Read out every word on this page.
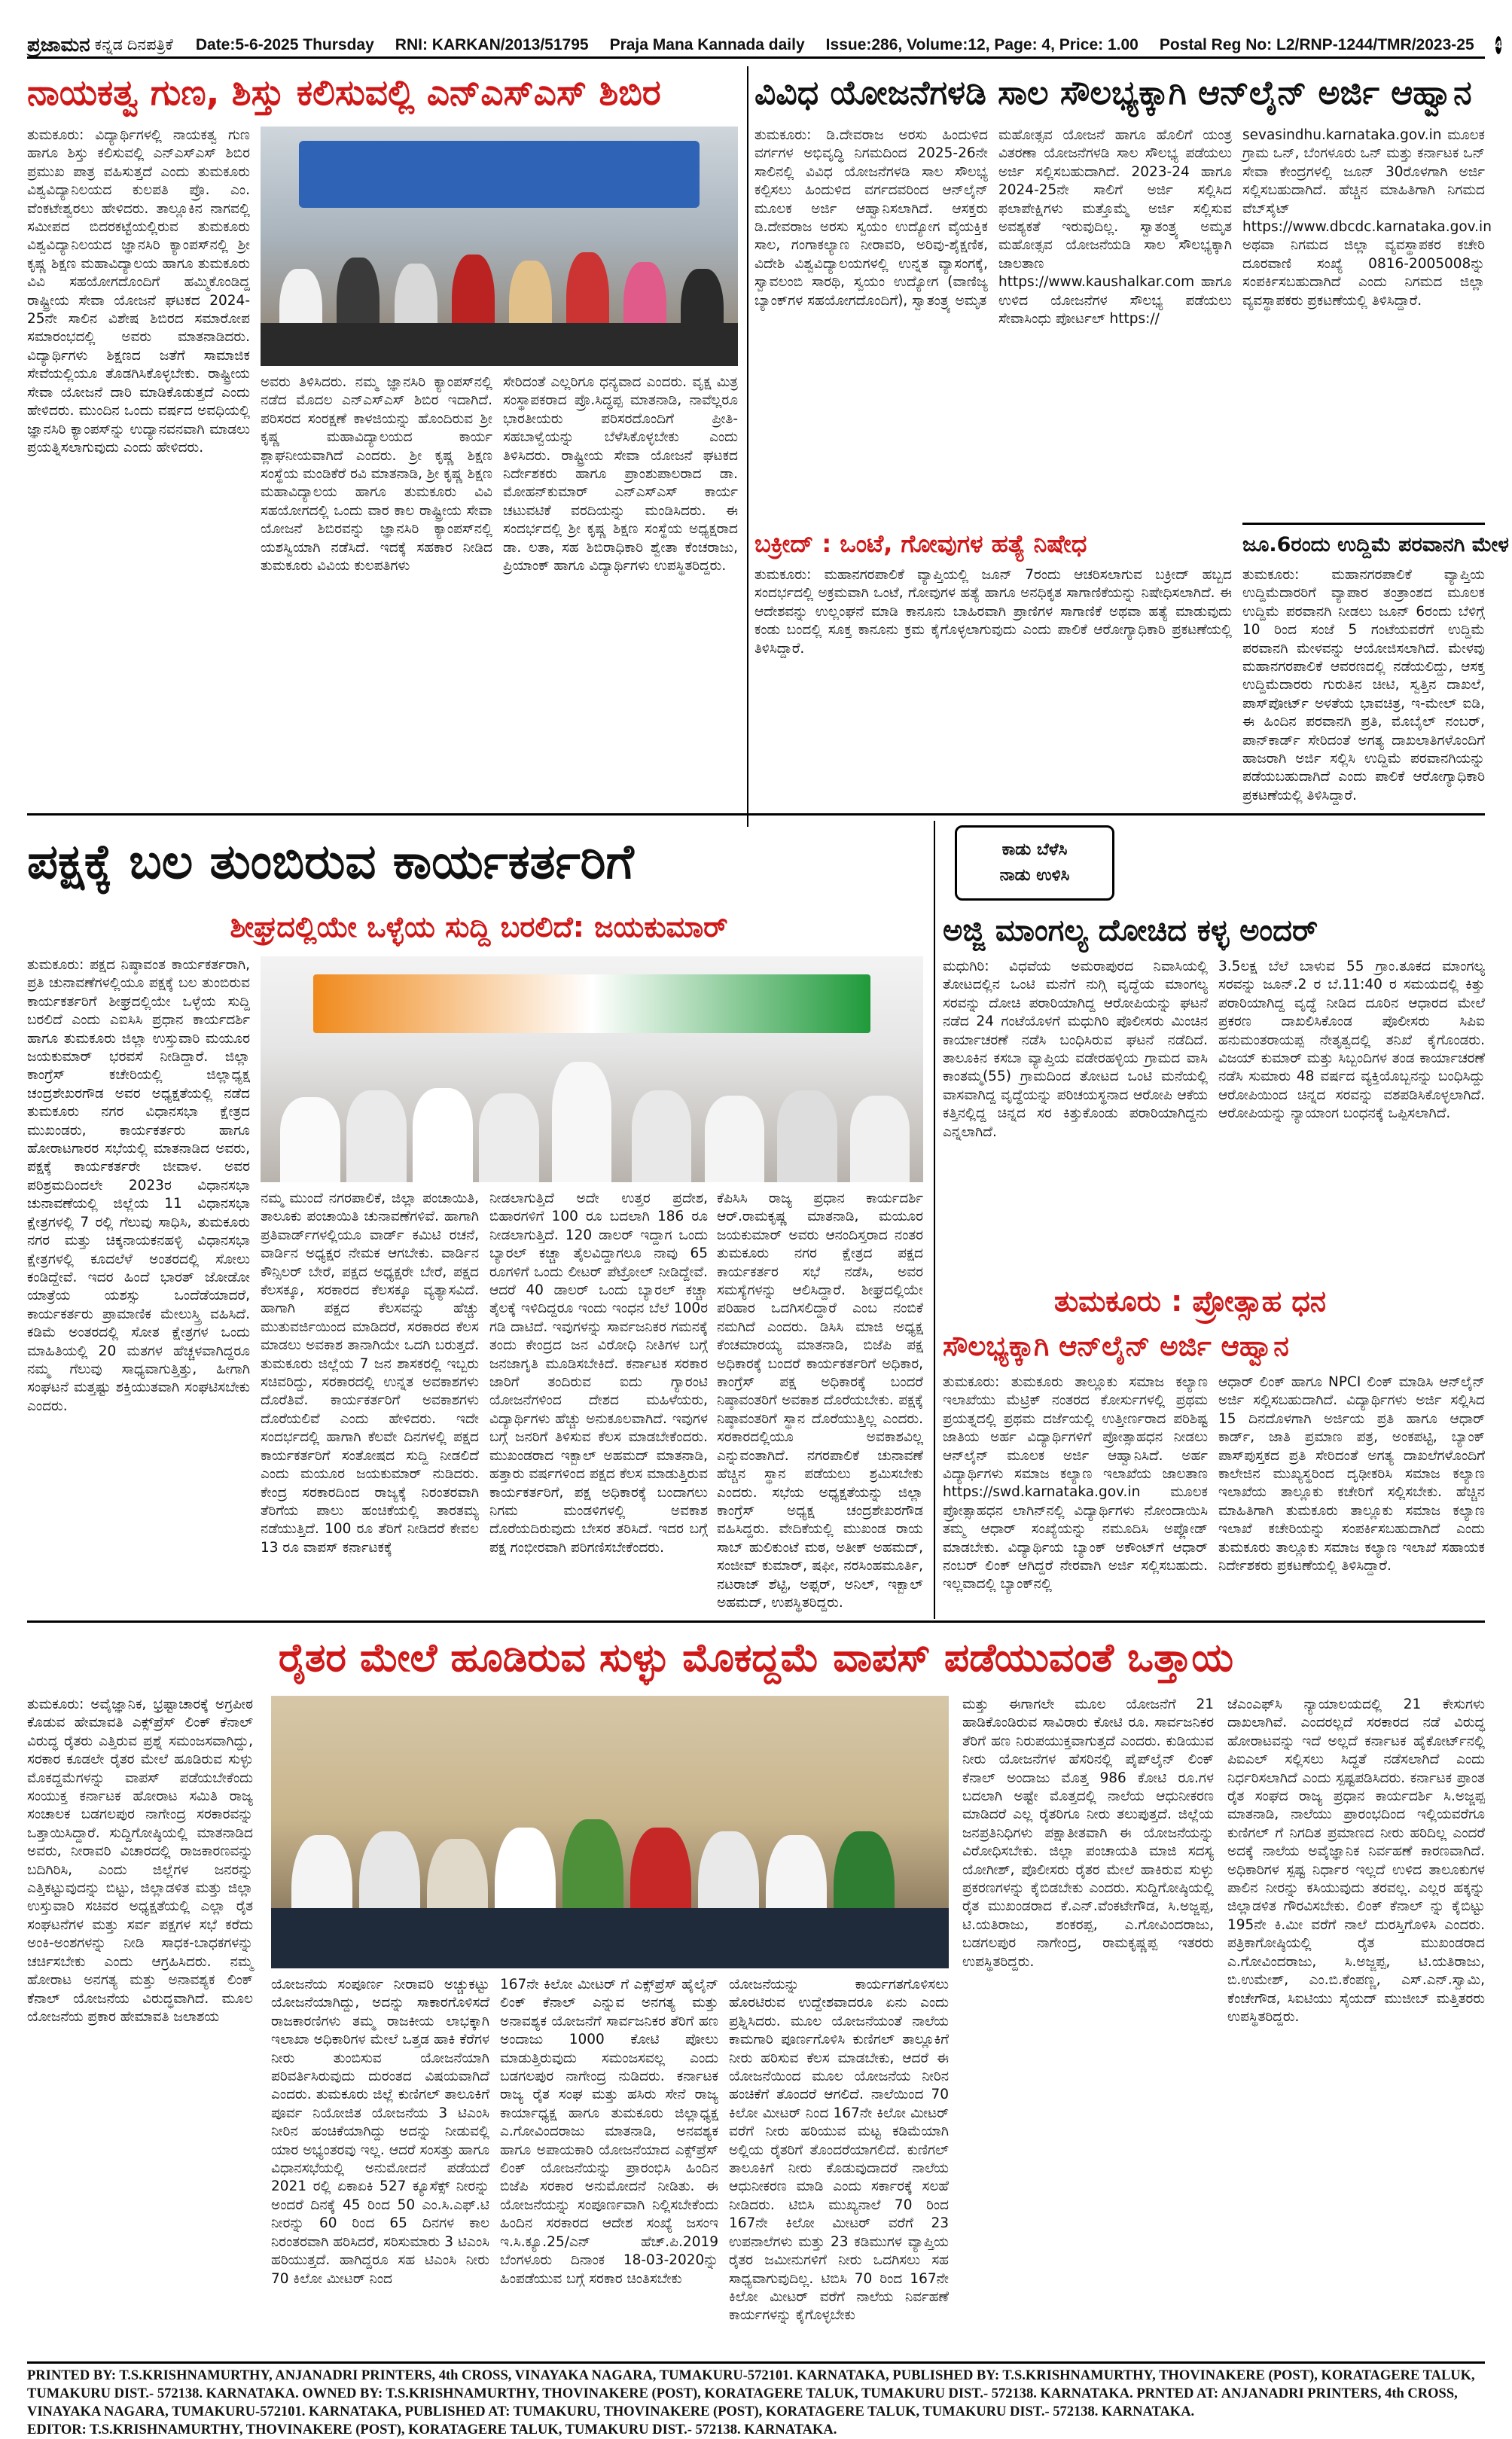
ಪ್ರಜಾಮನ ಕನ್ನಡ ದಿನಪತ್ರಿಕೆ Date:5-6-2025 Thursday RNI: KARKAN/2013/51795 Praja Mana Kannada daily Issue:286, Volume:12, Page: 4, Price: 1.00 Postal Reg No: L2/RNP-1244/TMR/2023-25 4
ನಾಯಕತ್ವ ಗುಣ, ಶಿಸ್ತು ಕಲಿಸುವಲ್ಲಿ ಎನ್‌ಎಸ್‌ಎಸ್ ಶಿಬಿರ

ತುಮಕೂರು: ವಿದ್ಯಾರ್ಥಿಗಳಲ್ಲಿ ನಾಯಕತ್ವ ಗುಣ ಹಾಗೂ ಶಿಸ್ತು ಕಲಿಸುವಲ್ಲಿ ಎನ್‌ಎಸ್‌ಎಸ್ ಶಿಬಿರ ಪ್ರಮುಖ ಪಾತ್ರ ವಹಿಸುತ್ತದೆ ಎಂದು ತುಮಕೂರು ವಿಶ್ವವಿದ್ಯಾನಿಲಯದ ಕುಲಪತಿ ಪ್ರೊ. ಎಂ. ವೆಂಕಟೇಶ್ವರಲು ಹೇಳಿದರು. ತಾಲ್ಲೂಕಿನ ನಾಗವಲ್ಲಿ ಸಮೀಪದ ಬಿದರಕಟ್ಟೆಯಲ್ಲಿರುವ ತುಮಕೂರು ವಿಶ್ವವಿದ್ಯಾನಿಲಯದ ಜ್ಞಾನಸಿರಿ ಕ್ಯಾಂಪಸ್‌ನಲ್ಲಿ ಶ್ರೀ ಕೃಷ್ಣ ಶಿಕ್ಷಣ ಮಹಾವಿದ್ಯಾಲಯ ಹಾಗೂ ತುಮಕೂರು ವಿವಿ ಸಹಯೋಗದೊಂದಿಗೆ ಹಮ್ಮಿಕೊಂಡಿದ್ದ ರಾಷ್ಟ್ರೀಯ ಸೇವಾ ಯೋಜನೆ ಘಟಕದ 2024-25ನೇ ಸಾಲಿನ ವಿಶೇಷ ಶಿಬಿರದ ಸಮಾರೋಪ ಸಮಾರಂಭದಲ್ಲಿ ಅವರು ಮಾತನಾಡಿದರು. ವಿದ್ಯಾರ್ಥಿಗಳು ಶಿಕ್ಷಣದ ಜತೆಗೆ ಸಾಮಾಜಿಕ ಸೇವೆಯಲ್ಲಿಯೂ ತೊಡಗಿಸಿಕೊಳ್ಳಬೇಕು. ರಾಷ್ಟ್ರೀಯ ಸೇವಾ ಯೋಜನೆ ದಾರಿ ಮಾಡಿಕೊಡುತ್ತದೆ ಎಂದು ಹೇಳಿದರು. ಮುಂದಿನ ಒಂದು ವರ್ಷದ ಅವಧಿಯಲ್ಲಿ ಜ್ಞಾನಸಿರಿ ಕ್ಯಾಂಪಸ್‌ನ್ನು ಉದ್ಯಾನವನವಾಗಿ ಮಾಡಲು ಪ್ರಯತ್ನಿಸಲಾಗುವುದು ಎಂದು ಹೇಳಿದರು.

ಅವರು ತಿಳಿಸಿದರು. ನಮ್ಮ ಜ್ಞಾನಸಿರಿ ಕ್ಯಾಂಪಸ್‌ನಲ್ಲಿ ನಡೆದ ಮೊದಲ ಎನ್‌ಎಸ್‌ಎಸ್ ಶಿಬಿರ ಇದಾಗಿದೆ. ಪರಿಸರದ ಸಂರಕ್ಷಣೆ ಕಾಳಜಿಯನ್ನು ಹೊಂದಿರುವ ಶ್ರೀ ಕೃಷ್ಣ ಮಹಾವಿದ್ಯಾಲಯದ ಕಾರ್ಯ ಶ್ಲಾಘನೀಯವಾಗಿದೆ ಎಂದರು. ಶ್ರೀ ಕೃಷ್ಣ ಶಿಕ್ಷಣ ಸಂಸ್ಥೆಯ ಮಂಡಿಕೆರೆ ರವಿ ಮಾತನಾಡಿ, ಶ್ರೀ ಕೃಷ್ಣ ಶಿಕ್ಷಣ ಮಹಾವಿದ್ಯಾಲಯ ಹಾಗೂ ತುಮಕೂರು ವಿವಿ ಸಹಯೋಗದಲ್ಲಿ ಒಂದು ವಾರ ಕಾಲ ರಾಷ್ಟ್ರೀಯ ಸೇವಾ ಯೋಜನೆ ಶಿಬಿರವನ್ನು ಜ್ಞಾನಸಿರಿ ಕ್ಯಾಂಪಸ್‌ನಲ್ಲಿ ಯಶಸ್ವಿಯಾಗಿ ನಡೆಸಿದೆ. ಇದಕ್ಕೆ ಸಹಕಾರ ನೀಡಿದ ತುಮಕೂರು ವಿವಿಯ ಕುಲಪತಿಗಳು

ಸೇರಿದಂತೆ ಎಲ್ಲರಿಗೂ ಧನ್ಯವಾದ ಎಂದರು. ವೃಕ್ಷ ಮಿತ್ರ ಸಂಸ್ಥಾಪಕರಾದ ಪ್ರೊ.ಸಿದ್ಧಪ್ಪ ಮಾತನಾಡಿ, ನಾವೆಲ್ಲರೂ ಭಾರತೀಯರು ಪರಿಸರದೊಂದಿಗೆ ಪ್ರೀತಿ-ಸಹಬಾಳ್ವೆಯನ್ನು ಬೆಳೆಸಿಕೊಳ್ಳಬೇಕು ಎಂದು ತಿಳಿಸಿದರು. ರಾಷ್ಟ್ರೀಯ ಸೇವಾ ಯೋಜನೆ ಘಟಕದ ನಿರ್ದೇಶಕರು ಹಾಗೂ ಪ್ರಾಂಶುಪಾಲರಾದ ಡಾ. ಮೋಹನ್‌ಕುಮಾರ್ ಎನ್‌ಎಸ್‌ಎಸ್ ಕಾರ್ಯ ಚಟುವಟಿಕೆ ವರದಿಯನ್ನು ಮಂಡಿಸಿದರು. ಈ ಸಂದರ್ಭದಲ್ಲಿ ಶ್ರೀ ಕೃಷ್ಣ ಶಿಕ್ಷಣ ಸಂಸ್ಥೆಯ ಅಧ್ಯಕ್ಷರಾದ ಡಾ. ಲತಾ, ಸಹ ಶಿಬಿರಾಧಿಕಾರಿ ಶ್ವೇತಾ ಕೆಂಚರಾಜು, ಪ್ರಿಯಾಂಕ್ ಹಾಗೂ ವಿದ್ಯಾರ್ಥಿಗಳು ಉಪಸ್ಥಿತರಿದ್ದರು.

ವಿವಿಧ ಯೋಜನೆಗಳಡಿ ಸಾಲ ಸೌಲಭ್ಯಕ್ಕಾಗಿ ಆನ್‌ಲೈನ್ ಅರ್ಜಿ ಆಹ್ವಾನ

ತುಮಕೂರು: ಡಿ.ದೇವರಾಜ ಅರಸು ಹಿಂದುಳಿದ ವರ್ಗಗಳ ಅಭಿವೃದ್ಧಿ ನಿಗಮದಿಂದ 2025-26ನೇ ಸಾಲಿನಲ್ಲಿ ವಿವಿಧ ಯೋಜನೆಗಳಡಿ ಸಾಲ ಸೌಲಭ್ಯ ಕಲ್ಪಿಸಲು ಹಿಂದುಳಿದ ವರ್ಗದವರಿಂದ ಆನ್‌ಲೈನ್ ಮೂಲಕ ಅರ್ಜಿ ಆಹ್ವಾನಿಸಲಾಗಿದೆ. ಆಸಕ್ತರು ಡಿ.ದೇವರಾಜ ಅರಸು ಸ್ವಯಂ ಉದ್ಯೋಗ ವೈಯಕ್ತಿಕ ಸಾಲ, ಗಂಗಾಕಲ್ಯಾಣ ನೀರಾವರಿ, ಅರಿವು-ಶೈಕ್ಷಣಿಕ, ವಿದೇಶಿ ವಿಶ್ವವಿದ್ಯಾಲಯಗಳಲ್ಲಿ ಉನ್ನತ ವ್ಯಾಸಂಗಕ್ಕೆ, ಸ್ವಾವಲಂಬಿ ಸಾರಥಿ, ಸ್ವಯಂ ಉದ್ಯೋಗ (ವಾಣಿಜ್ಯ ಬ್ಯಾಂಕ್‌ಗಳ ಸಹಯೋಗದೊಂದಿಗೆ), ಸ್ವಾತಂತ್ರ್ಯ ಅಮೃತ

ಮಹೋತ್ಸವ ಯೋಜನೆ ಹಾಗೂ ಹೊಲಿಗೆ ಯಂತ್ರ ವಿತರಣಾ ಯೋಜನೆಗಳಡಿ ಸಾಲ ಸೌಲಭ್ಯ ಪಡೆಯಲು ಅರ್ಜಿ ಸಲ್ಲಿಸಬಹುದಾಗಿದೆ. 2023-24 ಹಾಗೂ 2024-25ನೇ ಸಾಲಿಗೆ ಅರ್ಜಿ ಸಲ್ಲಿಸಿದ ಫಲಾಪೇಕ್ಷಿಗಳು ಮತ್ತೊಮ್ಮೆ ಅರ್ಜಿ ಸಲ್ಲಿಸುವ ಅವಶ್ಯಕತೆ ಇರುವುದಿಲ್ಲ. ಸ್ವಾತಂತ್ರ್ಯ ಅಮೃತ ಮಹೋತ್ಸವ ಯೋಜನೆಯಡಿ ಸಾಲ ಸೌಲಭ್ಯಕ್ಕಾಗಿ ಜಾಲತಾಣ https://www.kaushalkar.com ಹಾಗೂ ಉಳಿದ ಯೋಜನೆಗಳ ಸೌಲಭ್ಯ ಪಡೆಯಲು ಸೇವಾಸಿಂಧು ಪೋರ್ಟಲ್ https://

sevasindhu.karnataka.gov.in ಮೂಲಕ ಗ್ರಾಮ ಒನ್, ಬೆಂಗಳೂರು ಒನ್ ಮತ್ತು ಕರ್ನಾಟಕ ಒನ್ ಸೇವಾ ಕೇಂದ್ರಗಳಲ್ಲಿ ಜೂನ್ 30ರೊಳಗಾಗಿ ಅರ್ಜಿ ಸಲ್ಲಿಸಬಹುದಾಗಿದೆ. ಹೆಚ್ಚಿನ ಮಾಹಿತಿಗಾಗಿ ನಿಗಮದ ವೆಬ್‌ಸೈಟ್ https://www.dbcdc.karnataka.gov.in ಅಥವಾ ನಿಗಮದ ಜಿಲ್ಲಾ ವ್ಯವಸ್ಥಾಪಕರ ಕಚೇರಿ ದೂರವಾಣಿ ಸಂಖ್ಯೆ 0816-2005008ನ್ನು ಸಂಪರ್ಕಿಸಬಹುದಾಗಿದೆ ಎಂದು ನಿಗಮದ ಜಿಲ್ಲಾ ವ್ಯವಸ್ಥಾಪಕರು ಪ್ರಕಟಣೆಯಲ್ಲಿ ತಿಳಿಸಿದ್ದಾರೆ.

ಬಕ್ರೀದ್ : ಒಂಟೆ, ಗೋವುಗಳ ಹತ್ಯೆ ನಿಷೇಧ

ತುಮಕೂರು: ಮಹಾನಗರಪಾಲಿಕೆ ವ್ಯಾಪ್ತಿಯಲ್ಲಿ ಜೂನ್ 7ರಂದು ಆಚರಿಸಲಾಗುವ ಬಕ್ರೀದ್ ಹಬ್ಬದ ಸಂದರ್ಭದಲ್ಲಿ ಅಕ್ರಮವಾಗಿ ಒಂಟೆ, ಗೋವುಗಳ ಹತ್ಯೆ ಹಾಗೂ ಅನಧಿಕೃತ ಸಾಗಾಣಿಕೆಯನ್ನು ನಿಷೇಧಿಸಲಾಗಿದೆ. ಈ ಆದೇಶವನ್ನು ಉಲ್ಲಂಘನೆ ಮಾಡಿ ಕಾನೂನು ಬಾಹಿರವಾಗಿ ಪ್ರಾಣಿಗಳ ಸಾಗಾಣಿಕೆ ಅಥವಾ ಹತ್ಯೆ ಮಾಡುವುದು ಕಂಡು ಬಂದಲ್ಲಿ ಸೂಕ್ತ ಕಾನೂನು ಕ್ರಮ ಕೈಗೊಳ್ಳಲಾಗುವುದು ಎಂದು ಪಾಲಿಕೆ ಆರೋಗ್ಯಾಧಿಕಾರಿ ಪ್ರಕಟಣೆಯಲ್ಲಿ ತಿಳಿಸಿದ್ದಾರೆ.

ಜೂ.6ರಂದು ಉದ್ದಿಮೆ ಪರವಾನಗಿ ಮೇಳ

ತುಮಕೂರು: ಮಹಾನಗರಪಾಲಿಕೆ ವ್ಯಾಪ್ತಿಯ ಉದ್ದಿಮೆದಾರರಿಗೆ ವ್ಯಾಪಾರ ತಂತ್ರಾಂಶದ ಮೂಲಕ ಉದ್ದಿಮೆ ಪರವಾನಗಿ ನೀಡಲು ಜೂನ್ 6ರಂದು ಬೆಳಿಗ್ಗೆ 10 ರಿಂದ ಸಂಜೆ 5 ಗಂಟೆಯವರೆಗೆ ಉದ್ದಿಮೆ ಪರವಾನಗಿ ಮೇಳವನ್ನು ಆಯೋಜಿಸಲಾಗಿದೆ. ಮೇಳವು ಮಹಾನಗರಪಾಲಿಕೆ ಆವರಣದಲ್ಲಿ ನಡೆಯಲಿದ್ದು, ಆಸಕ್ತ ಉದ್ದಿಮೆದಾರರು ಗುರುತಿನ ಚೀಟಿ, ಸ್ವತ್ತಿನ ದಾಖಲೆ, ಪಾಸ್‌ಪೋರ್ಟ್ ಅಳತೆಯ ಭಾವಚಿತ್ರ, ಇ-ಮೇಲ್ ಐಡಿ, ಈ ಹಿಂದಿನ ಪರವಾನಗಿ ಪ್ರತಿ, ಮೊಬೈಲ್ ನಂಬರ್, ಪಾನ್‌ಕಾರ್ಡ್ ಸೇರಿದಂತೆ ಅಗತ್ಯ ದಾಖಲಾತಿಗಳೊಂದಿಗೆ ಹಾಜರಾಗಿ ಅರ್ಜಿ ಸಲ್ಲಿಸಿ ಉದ್ದಿಮೆ ಪರವಾನಗಿಯನ್ನು ಪಡೆಯಬಹುದಾಗಿದೆ ಎಂದು ಪಾಲಿಕೆ ಆರೋಗ್ಯಾಧಿಕಾರಿ ಪ್ರಕಟಣೆಯಲ್ಲಿ ತಿಳಿಸಿದ್ದಾರೆ.

ಪಕ್ಷಕ್ಕೆ ಬಲ ತುಂಬಿರುವ ಕಾರ್ಯಕರ್ತರಿಗೆ
ಶೀಘ್ರದಲ್ಲಿಯೇ ಒಳ್ಳೆಯ ಸುದ್ದಿ ಬರಲಿದೆ: ಜಯಕುಮಾರ್

ತುಮಕೂರು: ಪಕ್ಷದ ನಿಷ್ಠಾವಂತ ಕಾರ್ಯಕರ್ತರಾಗಿ, ಪ್ರತಿ ಚುನಾವಣೆಗಳಲ್ಲಿಯೂ ಪಕ್ಷಕ್ಕೆ ಬಲ ತುಂಬಿರುವ ಕಾರ್ಯಕರ್ತರಿಗೆ ಶೀಘ್ರದಲ್ಲಿಯೇ ಒಳ್ಳೆಯ ಸುದ್ದಿ ಬರಲಿದೆ ಎಂದು ಎಐಸಿಸಿ ಪ್ರಧಾನ ಕಾರ್ಯದರ್ಶಿ ಹಾಗೂ ತುಮಕೂರು ಜಿಲ್ಲಾ ಉಸ್ತುವಾರಿ ಮಯೂರ ಜಯಕುಮಾರ್ ಭರವಸೆ ನೀಡಿದ್ದಾರೆ. ಜಿಲ್ಲಾ ಕಾಂಗ್ರೆಸ್ ಕಚೇರಿಯಲ್ಲಿ ಜಿಲ್ಲಾಧ್ಯಕ್ಷ ಚಂದ್ರಶೇಖರಗೌಡ ಅವರ ಅಧ್ಯಕ್ಷತೆಯಲ್ಲಿ ನಡೆದ ತುಮಕೂರು ನಗರ ವಿಧಾನಸಭಾ ಕ್ಷೇತ್ರದ ಮುಖಂಡರು, ಕಾರ್ಯಕರ್ತರು ಹಾಗೂ ಹೋರಾಟಗಾರರ ಸಭೆಯಲ್ಲಿ ಮಾತನಾಡಿದ ಅವರು, ಪಕ್ಷಕ್ಕೆ ಕಾರ್ಯಕರ್ತರೇ ಜೀವಾಳ. ಅವರ ಪರಿಶ್ರಮದಿಂದಲೇ 2023ರ ವಿಧಾನಸಭಾ ಚುನಾವಣೆಯಲ್ಲಿ ಜಿಲ್ಲೆಯ 11 ವಿಧಾನಸಭಾ ಕ್ಷೇತ್ರಗಳಲ್ಲಿ 7 ರಲ್ಲಿ ಗೆಲುವು ಸಾಧಿಸಿ, ತುಮಕೂರು ನಗರ ಮತ್ತು ಚಿಕ್ಕನಾಯಕನಹಳ್ಳಿ ವಿಧಾನಸಭಾ ಕ್ಷೇತ್ರಗಳಲ್ಲಿ ಕೂದಲೆಳೆ ಅಂತರದಲ್ಲಿ ಸೋಲು ಕಂಡಿದ್ದೇವೆ. ಇದರ ಹಿಂದೆ ಭಾರತ್ ಜೋಡೋ ಯಾತ್ರೆಯ ಯಶಸ್ಸು ಒಂದೆಡೆಯಾದರೆ, ಕಾರ್ಯಕರ್ತರು ಪ್ರಾಮಾಣಿಕ ಮೇಲುಸ್ತ್ರಿ ವಹಿಸಿದೆ. ಕಡಿಮೆ ಅಂತರದಲ್ಲಿ ಸೋತ ಕ್ಷೇತ್ರಗಳ ಒಂದು ಮಾಹಿತಿಯಲ್ಲಿ 20 ಮತಗಳ ಹೆಚ್ಚಳವಾಗಿದ್ದರೂ ನಮ್ಮ ಗೆಲುವು ಸಾಧ್ಯವಾಗುತ್ತಿತ್ತು, ಹೀಗಾಗಿ ಸಂಘಟನೆ ಮತ್ತಷ್ಟು ಶಕ್ತಿಯುತವಾಗಿ ಸಂಘಟಿಸಬೇಕು ಎಂದರು.

ನಮ್ಮ ಮುಂದೆ ನಗರಪಾಲಿಕೆ, ಜಿಲ್ಲಾ ಪಂಚಾಯಿತಿ, ತಾಲೂಕು ಪಂಚಾಯಿತಿ ಚುನಾವಣೆಗಳಿವೆ. ಹಾಗಾಗಿ ಪ್ರತಿವಾರ್ಡ್‌ಗಳಲ್ಲಿಯೂ ವಾರ್ಡ್ ಕಮಿಟಿ ರಚನೆ, ವಾರ್ಡಿನ ಅಧ್ಯಕ್ಷರ ನೇಮಕ ಆಗಬೇಕು. ವಾರ್ಡಿನ ಕೌನ್ಸಿಲರ್ ಬೇರೆ, ಪಕ್ಷದ ಅಧ್ಯಕ್ಷರೇ ಬೇರೆ, ಪಕ್ಷದ ಕೆಲಸಕ್ಕೂ, ಸರಕಾರದ ಕೆಲಸಕ್ಕೂ ವ್ಯತ್ಯಾಸವಿದೆ. ಹಾಗಾಗಿ ಪಕ್ಷದ ಕೆಲಸವನ್ನು ಹೆಚ್ಚು ಮುತುವರ್ಜಿಯಿಂದ ಮಾಡಿದರೆ, ಸರಕಾರದ ಕೆಲಸ ಮಾಡಲು ಅವಕಾಶ ತಾನಾಗಿಯೇ ಒದಗಿ ಬರುತ್ತದೆ. ತುಮಕೂರು ಜಿಲ್ಲೆಯ 7 ಜನ ಶಾಸಕರಲ್ಲಿ ಇಬ್ಬರು ಸಚಿವರಿದ್ದು, ಸರಕಾರದಲ್ಲಿ ಉನ್ನತ ಅವಕಾಶಗಳು ದೊರೆತಿವೆ. ಕಾರ್ಯಕರ್ತರಿಗೆ ಅವಕಾಶಗಳು ದೊರೆಯಲಿವೆ ಎಂದು ಹೇಳಿದರು. ಇದೇ ಸಂದರ್ಭದಲ್ಲಿ ಹಾಗಾಗಿ ಕೆಲವೇ ದಿನಗಳಲ್ಲಿ ಪಕ್ಷದ ಕಾರ್ಯಕರ್ತರಿಗೆ ಸಂತೋಷದ ಸುದ್ದಿ ನೀಡಲಿದೆ ಎಂದು ಮಯೂರ ಜಯಕುಮಾರ್ ನುಡಿದರು. ಕೇಂದ್ರ ಸರಕಾರದಿಂದ ರಾಜ್ಯಕ್ಕೆ ನಿರಂತರವಾಗಿ ತೆರಿಗೆಯ ಪಾಲು ಹಂಚಿಕೆಯಲ್ಲಿ ತಾರತಮ್ಯ ನಡೆಯುತ್ತಿದೆ. 100 ರೂ ತೆರಿಗೆ ನೀಡಿದರೆ ಕೇವಲ 13 ರೂ ವಾಪಸ್ ಕರ್ನಾಟಕಕ್ಕೆ

ನೀಡಲಾಗುತ್ತಿದೆ ಅದೇ ಉತ್ತರ ಪ್ರದೇಶ, ಬಿಹಾರಗಳಿಗೆ 100 ರೂ ಬದಲಾಗಿ 186 ರೂ ನೀಡಲಾಗುತ್ತಿದೆ. 120 ಡಾಲರ್ ಇದ್ದಾಗ ಒಂದು ಬ್ಯಾರಲ್ ಕಚ್ಚಾ ತೈಲವಿದ್ದಾಗಲೂ ನಾವು 65 ರೂಗಳಿಗೆ ಒಂದು ಲೀಟರ್ ಪೆಟ್ರೋಲ್ ನೀಡಿದ್ದೇವೆ. ಆದರೆ 40 ಡಾಲರ್ ಒಂದು ಬ್ಯಾರಲ್ ಕಚ್ಚಾ ತೈಲಕ್ಕೆ ಇಳಿದಿದ್ದರೂ ಇಂದು ಇಂಧನ ಬೆಲೆ 100ರ ಗಡಿ ದಾಟಿದೆ. ಇವುಗಳನ್ನು ಸಾರ್ವಜನಿಕರ ಗಮನಕ್ಕೆ ತಂದು ಕೇಂದ್ರದ ಜನ ವಿರೋಧಿ ನೀತಿಗಳ ಬಗ್ಗೆ ಜನಜಾಗೃತಿ ಮೂಡಿಸಬೇಕಿದೆ. ಕರ್ನಾಟಕ ಸರಕಾರ ಜಾರಿಗೆ ತಂದಿರುವ ಐದು ಗ್ಯಾರಂಟಿ ಯೋಜನೆಗಳಿಂದ ದೇಶದ ಮಹಿಳೆಯರು, ವಿದ್ಯಾರ್ಥಿಗಳು ಹೆಚ್ಚು ಅನುಕೂಲವಾಗಿದೆ. ಇವುಗಳ ಬಗ್ಗೆ ಜನರಿಗೆ ತಿಳಿಸುವ ಕೆಲಸ ಮಾಡಬೇಕೆಂದರು. ಮುಖಂಡರಾದ ಇಕ್ಬಾಲ್ ಅಹಮದ್ ಮಾತನಾಡಿ, ಹತ್ತಾರು ವರ್ಷಗಳಿಂದ ಪಕ್ಷದ ಕೆಲಸ ಮಾಡುತ್ತಿರುವ ಕಾರ್ಯಕರ್ತರಿಗೆ, ಪಕ್ಷ ಅಧಿಕಾರಕ್ಕೆ ಬಂದಾಗಲು ನಿಗಮ ಮಂಡಳಿಗಳಲ್ಲಿ ಅವಕಾಶ ದೊರೆಯದಿರುವುದು ಬೇಸರ ತರಿಸಿದೆ. ಇದರ ಬಗ್ಗೆ ಪಕ್ಷ ಗಂಭೀರವಾಗಿ ಪರಿಗಣಿಸಬೇಕೆಂದರು.

ಕೆಪಿಸಿಸಿ ರಾಜ್ಯ ಪ್ರಧಾನ ಕಾರ್ಯದರ್ಶಿ ಆರ್.ರಾಮಕೃಷ್ಣ ಮಾತನಾಡಿ, ಮಯೂರ ಜಯಕುಮಾರ್ ಅವರು ಆನಂದಿಸ್ತರಾದ ನಂತರ ತುಮಕೂರು ನಗರ ಕ್ಷೇತ್ರದ ಪಕ್ಷದ ಕಾರ್ಯಕರ್ತರ ಸಭೆ ನಡೆಸಿ, ಅವರ ಸಮಸ್ಯೆಗಳನ್ನು ಆಲಿಸಿದ್ದಾರೆ. ಶೀಘ್ರದಲ್ಲಿಯೇ ಪರಿಹಾರ ಒದಗಿಸಲಿದ್ದಾರೆ ಎಂಬ ನಂಬಿಕೆ ನಮಗಿದೆ ಎಂದರು. ಡಿಸಿಸಿ ಮಾಜಿ ಅಧ್ಯಕ್ಷ ಕೆಂಚಮಾರಯ್ಯ ಮಾತನಾಡಿ, ಬಿಜೆಪಿ ಪಕ್ಷ ಅಧಿಕಾರಕ್ಕೆ ಬಂದರೆ ಕಾರ್ಯಕರ್ತರಿಗೆ ಅಧಿಕಾರ, ಕಾಂಗ್ರೆಸ್ ಪಕ್ಷ ಅಧಿಕಾರಕ್ಕೆ ಬಂದರೆ ನಿಷ್ಠಾವಂತರಿಗೆ ಅವಕಾಶ ದೊರೆಯಬೇಕು. ಪಕ್ಷಕ್ಕೆ ನಿಷ್ಠಾವಂತರಿಗೆ ಸ್ಥಾನ ದೊರೆಯುತ್ತಿಲ್ಲ ಎಂದರು. ಸರಕಾರದಲ್ಲಿಯೂ ಅವಕಾಶವಿಲ್ಲ ಎನ್ನುವಂತಾಗಿದೆ. ನಗರಪಾಲಿಕೆ ಚುನಾವಣೆ ಹೆಚ್ಚಿನ ಸ್ಥಾನ ಪಡೆಯಲು ಶ್ರಮಿಸಬೇಕು ಎಂದರು. ಸಭೆಯ ಅಧ್ಯಕ್ಷತೆಯನ್ನು ಜಿಲ್ಲಾ ಕಾಂಗ್ರೆಸ್ ಅಧ್ಯಕ್ಷ ಚಂದ್ರಶೇಖರಗೌಡ ವಹಿಸಿದ್ದರು. ವೇದಿಕೆಯಲ್ಲಿ ಮುಖಂಡ ರಾಯ ಸಾಬ್ ಹುಲಿಕುಂಟೆ ಮಠ, ಅತೀಕ್ ಅಹಮದ್, ಸಂಜೀವ್ ಕುಮಾರ್, ಷಫೀ, ನರಸಿಂಹಮೂರ್ತಿ, ನಟರಾಜ್ ಶೆಟ್ಟಿ, ಅಫ್ಸರ್, ಅನಿಲ್, ಇಕ್ಬಾಲ್ ಅಹಮದ್, ಉಪಸ್ಥಿತರಿದ್ದರು.

ಕಾಡು ಬೆಳೆಸಿ
ನಾಡು ಉಳಿಸಿ
ಅಜ್ಜಿ ಮಾಂಗಲ್ಯ ದೋಚಿದ ಕಳ್ಳ ಅಂದರ್

ಮಧುಗಿರಿ: ವಿಧವೆಯ ಅಮರಾಪುರದ ನಿವಾಸಿಯಲ್ಲಿ ತೋಟದಲ್ಲಿನ ಒಂಟಿ ಮನೆಗೆ ನುಗ್ಗಿ ವೃದ್ಧೆಯ ಮಾಂಗಲ್ಯ ಸರವನ್ನು ದೋಚಿ ಪರಾರಿಯಾಗಿದ್ದ ಆರೋಪಿಯನ್ನು ಘಟನೆ ನಡೆದ 24 ಗಂಟೆಯೊಳಗೆ ಮಧುಗಿರಿ ಪೊಲೀಸರು ಮಿಂಚಿನ ಕಾರ್ಯಾಚರಣೆ ನಡೆಸಿ ಬಂಧಿಸಿರುವ ಘಟನೆ ನಡೆದಿದೆ. ತಾಲೂಕಿನ ಕಸಬಾ ವ್ಯಾಪ್ತಿಯ ವಡೇರಹಳ್ಳಿಯ ಗ್ರಾಮದ ವಾಸಿ ಕಾಂತಮ್ಮ(55) ಗ್ರಾಮದಿಂದ ತೋಟದ ಒಂಟಿ ಮನೆಯಲ್ಲಿ ವಾಸವಾಗಿದ್ದ ವೃದ್ಧೆಯನ್ನು ಪರಿಚಯಸ್ಥನಾದ ಆರೋಪಿ ಆಕೆಯ ಕತ್ತಿನಲ್ಲಿದ್ದ ಚಿನ್ನದ ಸರ ಕಿತ್ತುಕೊಂಡು ಪರಾರಿಯಾಗಿದ್ದನು ಎನ್ನಲಾಗಿದೆ.

3.5ಲಕ್ಷ ಬೆಲೆ ಬಾಳುವ 55 ಗ್ರಾಂ.ತೂಕದ ಮಾಂಗಲ್ಯ ಸರವನ್ನು ಜೂನ್.2 ರ ಬೆ.11:40 ರ ಸಮಯದಲ್ಲಿ ಕಿತ್ತು ಪರಾರಿಯಾಗಿದ್ದ ವೃದ್ಧೆ ನೀಡಿದ ದೂರಿನ ಆಧಾರದ ಮೇಲೆ ಪ್ರಕರಣ ದಾಖಲಿಸಿಕೊಂಡ ಪೊಲೀಸರು ಸಿಪಿಐ ಹನುಮಂತರಾಯಪ್ಪ ನೇತೃತ್ವದಲ್ಲಿ ತನಿಖೆ ಕೈಗೊಂಡರು. ವಿಜಯ್ ಕುಮಾರ್ ಮತ್ತು ಸಿಬ್ಬಂದಿಗಳ ತಂಡ ಕಾರ್ಯಾಚರಣೆ ನಡೆಸಿ ಸುಮಾರು 48 ವರ್ಷದ ವ್ಯಕ್ತಿಯೊಬ್ಬನನ್ನು ಬಂಧಿಸಿದ್ದು ಆರೋಪಿಯಿಂದ ಚಿನ್ನದ ಸರವನ್ನು ವಶಪಡಿಸಿಕೊಳ್ಳಲಾಗಿದೆ. ಆರೋಪಿಯನ್ನು ನ್ಯಾಯಾಂಗ ಬಂಧನಕ್ಕೆ ಒಪ್ಪಿಸಲಾಗಿದೆ.

ತುಮಕೂರು : ಪ್ರೋತ್ಸಾಹ ಧನ
ಸೌಲಭ್ಯಕ್ಕಾಗಿ ಆನ್‌ಲೈನ್ ಅರ್ಜಿ ಆಹ್ವಾನ

ತುಮಕೂರು: ತುಮಕೂರು ತಾಲ್ಲೂಕು ಸಮಾಜ ಕಲ್ಯಾಣ ಇಲಾಖೆಯು ಮೆಟ್ರಿಕ್ ನಂತರದ ಕೋರ್ಸುಗಳಲ್ಲಿ ಪ್ರಥಮ ಪ್ರಯತ್ನದಲ್ಲಿ ಪ್ರಥಮ ದರ್ಜೆಯಲ್ಲಿ ಉತ್ತೀರ್ಣರಾದ ಪರಿಶಿಷ್ಟ ಜಾತಿಯ ಅರ್ಹ ವಿದ್ಯಾರ್ಥಿಗಳಿಗೆ ಪ್ರೋತ್ಸಾಹಧನ ನೀಡಲು ಆನ್‌ಲೈನ್ ಮೂಲಕ ಅರ್ಜಿ ಆಹ್ವಾನಿಸಿದೆ. ಅರ್ಹ ವಿದ್ಯಾರ್ಥಿಗಳು ಸಮಾಜ ಕಲ್ಯಾಣ ಇಲಾಖೆಯ ಜಾಲತಾಣ https://swd.karnataka.gov.in ಮೂಲಕ ಪ್ರೋತ್ಸಾಹಧನ ಲಾಗಿನ್‌ನಲ್ಲಿ ವಿದ್ಯಾರ್ಥಿಗಳು ನೋಂದಾಯಿಸಿ ತಮ್ಮ ಆಧಾರ್ ಸಂಖ್ಯೆಯನ್ನು ನಮೂದಿಸಿ ಅಪ್ಲೋಡ್ ಮಾಡಬೇಕು. ವಿದ್ಯಾರ್ಥಿಯ ಬ್ಯಾಂಕ್ ಅಕೌಂಟ್‌ಗೆ ಆಧಾರ್ ನಂಬರ್ ಲಿಂಕ್ ಆಗಿದ್ದರೆ ನೇರವಾಗಿ ಅರ್ಜಿ ಸಲ್ಲಿಸಬಹುದು. ಇಲ್ಲವಾದಲ್ಲಿ ಬ್ಯಾಂಕ್‌ನಲ್ಲಿ

ಆಧಾರ್ ಲಿಂಕ್ ಹಾಗೂ NPCI ಲಿಂಕ್ ಮಾಡಿಸಿ ಆನ್‌ಲೈನ್ ಅರ್ಜಿ ಸಲ್ಲಿಸಬಹುದಾಗಿದೆ. ವಿದ್ಯಾರ್ಥಿಗಳು ಅರ್ಜಿ ಸಲ್ಲಿಸಿದ 15 ದಿನದೊಳಗಾಗಿ ಅರ್ಜಿಯ ಪ್ರತಿ ಹಾಗೂ ಆಧಾರ್ ಕಾರ್ಡ್, ಜಾತಿ ಪ್ರಮಾಣ ಪತ್ರ, ಅಂಕಪಟ್ಟಿ, ಬ್ಯಾಂಕ್ ಪಾಸ್‌ಪುಸ್ತಕದ ಪ್ರತಿ ಸೇರಿದಂತೆ ಅಗತ್ಯ ದಾಖಲೆಗಳೊಂದಿಗೆ ಕಾಲೇಜಿನ ಮುಖ್ಯಸ್ಥರಿಂದ ದೃಢೀಕರಿಸಿ ಸಮಾಜ ಕಲ್ಯಾಣ ಇಲಾಖೆಯ ತಾಲ್ಲೂಕು ಕಚೇರಿಗೆ ಸಲ್ಲಿಸಬೇಕು. ಹೆಚ್ಚಿನ ಮಾಹಿತಿಗಾಗಿ ತುಮಕೂರು ತಾಲ್ಲೂಕು ಸಮಾಜ ಕಲ್ಯಾಣ ಇಲಾಖೆ ಕಚೇರಿಯನ್ನು ಸಂಪರ್ಕಿಸಬಹುದಾಗಿದೆ ಎಂದು ತುಮಕೂರು ತಾಲ್ಲೂಕು ಸಮಾಜ ಕಲ್ಯಾಣ ಇಲಾಖೆ ಸಹಾಯಕ ನಿರ್ದೇಶಕರು ಪ್ರಕಟಣೆಯಲ್ಲಿ ತಿಳಿಸಿದ್ದಾರೆ.

ರೈತರ ಮೇಲೆ ಹೂಡಿರುವ ಸುಳ್ಳು ಮೊಕದ್ದಮೆ ವಾಪಸ್ ಪಡೆಯುವಂತೆ ಒತ್ತಾಯ

ತುಮಕೂರು: ಅವೈಜ್ಞಾನಿಕ, ಭ್ರಷ್ಟಾಚಾರಕ್ಕೆ ಅಗ್ರಪೀಠ ಕೊಡುವ ಹೇಮಾವತಿ ಎಕ್ಸ್‌ಪ್ರೆಸ್ ಲಿಂಕ್ ಕೆನಾಲ್ ವಿರುದ್ಧ ರೈತರು ಎತ್ತಿರುವ ಪ್ರಶ್ನೆ ಸಮಂಜಸವಾಗಿದ್ದು, ಸರಕಾರ ಕೂಡಲೇ ರೈತರ ಮೇಲೆ ಹೂಡಿರುವ ಸುಳ್ಳು ಮೊಕದ್ದಮೆಗಳನ್ನು ವಾಪಸ್ ಪಡೆಯಬೇಕೆಂದು ಸಂಯುಕ್ತ ಕರ್ನಾಟಕ ಹೋರಾಟ ಸಮಿತಿ ರಾಜ್ಯ ಸಂಚಾಲಕ ಬಡಗಲಪುರ ನಾಗೇಂದ್ರ ಸರಕಾರವನ್ನು ಒತ್ತಾಯಿಸಿದ್ದಾರೆ. ಸುದ್ದಿಗೋಷ್ಠಿಯಲ್ಲಿ ಮಾತನಾಡಿದ ಅವರು, ನೀರಾವರಿ ವಿಚಾರದಲ್ಲಿ ರಾಜಕಾರಣವನ್ನು ಬದಿಗಿರಿಸಿ, ಎಂದು ಜಿಲ್ಲೆಗಳ ಜನರನ್ನು ಎತ್ತಿಕಟ್ಟುವುದನ್ನು ಬಿಟ್ಟು, ಜಿಲ್ಲಾಡಳಿತ ಮತ್ತು ಜಿಲ್ಲಾ ಉಸ್ತುವಾರಿ ಸಚಿವರ ಅಧ್ಯಕ್ಷತೆಯಲ್ಲಿ ಎಲ್ಲಾ ರೈತ ಸಂಘಟನೆಗಳ ಮತ್ತು ಸರ್ವ ಪಕ್ಷಗಳ ಸಭೆ ಕರೆದು ಅಂಕಿ-ಅಂಶಗಳನ್ನು ನೀಡಿ ಸಾಧಕ-ಬಾಧಕಗಳನ್ನು ಚರ್ಚಿಸಬೇಕು ಎಂದು ಆಗ್ರಹಿಸಿದರು. ನಮ್ಮ ಹೋರಾಟ ಅನಗತ್ಯ ಮತ್ತು ಅನಾವಶ್ಯಕ ಲಿಂಕ್ ಕೆನಾಲ್ ಯೋಜನೆಯ ವಿರುದ್ಧವಾಗಿದೆ. ಮೂಲ ಯೋಜನೆಯ ಪ್ರಕಾರ ಹೇಮಾವತಿ ಜಲಾಶಯ

ಯೋಜನೆಯ ಸಂಪೂರ್ಣ ನೀರಾವರಿ ಅಚ್ಚುಕಟ್ಟು ಯೋಜನೆಯಾಗಿದ್ದು, ಅದನ್ನು ಸಾಕಾರಗೊಳಿಸದೆ ರಾಜಕಾರಣಿಗಳು ತಮ್ಮ ರಾಜಕೀಯ ಲಾಭಕ್ಕಾಗಿ ಇಲಾಖಾ ಅಧಿಕಾರಿಗಳ ಮೇಲೆ ಒತ್ತಡ ಹಾಕಿ ಕೆರೆಗಳ ನೀರು ತುಂಬಿಸುವ ಯೋಜನೆಯಾಗಿ ಪರಿವರ್ತಿಸಿರುವುದು ದುರಂತದ ವಿಷಯವಾಗಿದೆ ಎಂದರು. ತುಮಕೂರು ಜಿಲ್ಲೆ ಕುಣಿಗಲ್ ತಾಲೂಕಿಗೆ ಪೂರ್ವ ನಿಯೋಜಿತ ಯೋಜನೆಯ 3 ಟಿಎಂಸಿ ನೀರಿನ ಹಂಚಿಕೆಯಾಗಿದ್ದು ಅದನ್ನು ನೀಡುವಲ್ಲಿ ಯಾರ ಅಭ್ಯಂತರವು ಇಲ್ಲ. ಆದರೆ ಸಂಸತ್ತು ಹಾಗೂ ವಿಧಾನಸಭೆಯಲ್ಲಿ ಅನುಮೋದನೆ ಪಡೆಯದೆ 2021 ರಲ್ಲಿ ಏಕಾಏಕಿ 527 ಕ್ಯೂಸೆಕ್ಸ್ ನೀರನ್ನು ಅಂದರೆ ದಿನಕ್ಕೆ 45 ರಿಂದ 50 ಎಂ.ಸಿ.ಎಫ್.ಟಿ ನೀರನ್ನು 60 ರಿಂದ 65 ದಿನಗಳ ಕಾಲ ನಿರಂತರವಾಗಿ ಹರಿಸಿದರೆ, ಸರಿಸುಮಾರು 3 ಟಿಎಂಸಿ ಹರಿಯುತ್ತದೆ. ಹಾಗಿದ್ದರೂ ಸಹ ಟಿಎಂಸಿ ನೀರು 70 ಕಿಲೋ ಮೀಟರ್ ನಿಂದ

167ನೇ ಕಿಲೋ ಮೀಟರ್ ಗೆ ಎಕ್ಸ್‌ಪ್ರೆಸ್ ಹೈಲೈನ್ ಲಿಂಕ್ ಕೆನಾಲ್ ಎನ್ನುವ ಅನಗತ್ಯ ಮತ್ತು ಅನಾವಶ್ಯಕ ಯೋಜನೆಗೆ ಸಾರ್ವಜನಿಕರ ತೆರಿಗೆ ಹಣ ಅಂದಾಜು 1000 ಕೋಟಿ ಪೋಲು ಮಾಡುತ್ತಿರುವುದು ಸಮಂಜಸವಲ್ಲ ಎಂದು ಬಡಗಲಪುರ ನಾಗೇಂದ್ರ ನುಡಿದರು. ಕರ್ನಾಟಕ ರಾಜ್ಯ ರೈತ ಸಂಘ ಮತ್ತು ಹಸಿರು ಸೇನೆ ರಾಜ್ಯ ಕಾರ್ಯಾಧ್ಯಕ್ಷ ಹಾಗೂ ತುಮಕೂರು ಜಿಲ್ಲಾಧ್ಯಕ್ಷ ಎ.ಗೋವಿಂದರಾಜು ಮಾತನಾಡಿ, ಅನವಶ್ಯಕ ಹಾಗೂ ಅಪಾಯಕಾರಿ ಯೋಜನೆಯಾದ ಎಕ್ಸ್‌ಪ್ರೆಸ್ ಲಿಂಕ್ ಯೋಜನೆಯನ್ನು ಪ್ರಾರಂಭಿಸಿ ಹಿಂದಿನ ಬಿಜೆಪಿ ಸರಕಾರ ಅನುಮೋದನೆ ನೀಡಿತು. ಈ ಯೋಜನೆಯನ್ನು ಸಂಪೂರ್ಣವಾಗಿ ನಿಲ್ಲಿಸಬೇಕೆಂದು ಹಿಂದಿನ ಸರಕಾರದ ಆದೇಶ ಸಂಖ್ಯೆ ಜಸಂಇ ಇ.ಸಿ.ಕ್ಯೂ.25/ಎನ್ ಹೆಚ್.ಪಿ.2019 ಬೆಂಗಳೂರು ದಿನಾಂಕ 18-03-2020ನ್ನು ಹಿಂಪಡೆಯುವ ಬಗ್ಗೆ ಸರಕಾರ ಚಿಂತಿಸಬೇಕು

ಯೋಜನೆಯನ್ನು ಕಾರ್ಯಗತಗೊಳಿಸಲು ಹೊರಟಿರುವ ಉದ್ದೇಶವಾದರೂ ಏನು ಎಂದು ಪ್ರಶ್ನಿಸಿದರು. ಮೂಲ ಯೋಜನೆಯಂತೆ ನಾಲೆಯ ಕಾಮಗಾರಿ ಪೂರ್ಣಗೊಳಿಸಿ ಕುಣಿಗಲ್ ತಾಲ್ಲೂಕಿಗೆ ನೀರು ಹರಿಸುವ ಕೆಲಸ ಮಾಡಬೇಕು, ಆದರೆ ಈ ಯೋಜನೆಯಿಂದ ಮೂಲ ಯೋಜನೆಯ ನೀರಿನ ಹಂಚಿಕೆಗೆ ತೊಂದರೆ ಆಗಲಿದೆ. ನಾಲೆಯಿಂದ 70 ಕಿಲೋ ಮೀಟರ್ ನಿಂದ 167ನೇ ಕಿಲೋ ಮೀಟರ್ ವರೆಗೆ ನೀರು ಹರಿಯುವ ಮಟ್ಟ ಕಡಿಮೆಯಾಗಿ ಅಲ್ಲಿಯ ರೈತರಿಗೆ ತೊಂದರೆಯಾಗಲಿದೆ. ಕುಣಿಗಲ್ ತಾಲೂಕಿಗೆ ನೀರು ಕೊಡುವುದಾದರೆ ನಾಲೆಯ ಆಧುನೀಕರಣ ಮಾಡಿ ಎಂದು ಸರ್ಕಾರಕ್ಕೆ ಸಲಹೆ ನೀಡಿದರು. ಟಿಬಿಸಿ ಮುಖ್ಯನಾಲೆ 70 ರಿಂದ 167ನೇ ಕಿಲೋ ಮೀಟರ್ ವರೆಗೆ 23 ಉಪನಾಲೆಗಳು ಮತ್ತು 23 ಕಡಿಮುಗಳ ವ್ಯಾಪ್ತಿಯ ರೈತರ ಜಮೀನುಗಳಿಗೆ ನೀರು ಒದಗಿಸಲು ಸಹ ಸಾಧ್ಯವಾಗುವುದಿಲ್ಲ. ಟಿಬಿಸಿ 70 ರಿಂದ 167ನೇ ಕಿಲೋ ಮೀಟರ್ ವರೆಗೆ ನಾಲೆಯ ನಿರ್ವಹಣೆ ಕಾರ್ಯಗಳನ್ನು ಕೈಗೊಳ್ಳಬೇಕು

ಮತ್ತು ಈಗಾಗಲೇ ಮೂಲ ಯೋಜನೆಗೆ 21 ಹಾಡಿಕೊಂಡಿರುವ ಸಾವಿರಾರು ಕೋಟಿ ರೂ. ಸಾರ್ವಜನಿಕರ ತೆರಿಗೆ ಹಣ ನಿರುಪಯುಕ್ತವಾಗುತ್ತದೆ ಎಂದರು. ಕುಡಿಯುವ ನೀರು ಯೋಜನೆಗಳ ಹೆಸರಿನಲ್ಲಿ ಪೈಪ್‌ಲೈನ್ ಲಿಂಕ್ ಕೆನಾಲ್ ಅಂದಾಜು ಮೊತ್ತ 986 ಕೋಟಿ ರೂ.ಗಳ ಬದಲಾಗಿ ಅಷ್ಟೇ ಮೊತ್ತದಲ್ಲಿ ನಾಲೆಯ ಆಧುನೀಕರಣ ಮಾಡಿದರೆ ಎಲ್ಲ ರೈತರಿಗೂ ನೀರು ತಲುಪುತ್ತದೆ. ಜಿಲ್ಲೆಯ ಜನಪ್ರತಿನಿಧಿಗಳು ಪಕ್ಷಾತೀತವಾಗಿ ಈ ಯೋಜನೆಯನ್ನು ವಿರೋಧಿಸಬೇಕು. ಜಿಲ್ಲಾ ಪಂಚಾಯತಿ ಮಾಜಿ ಸದಸ್ಯ ಯೋಗೀಶ್, ಪೊಲೀಸರು ರೈತರ ಮೇಲೆ ಹಾಕಿರುವ ಸುಳ್ಳು ಪ್ರಕರಣಗಳನ್ನು ಕೈಬಿಡಬೇಕು ಎಂದರು. ಸುದ್ದಿಗೋಷ್ಠಿಯಲ್ಲಿ ರೈತ ಮುಖಂಡರಾದ ಕೆ.ಎನ್.ವೆಂಕಟೇಗೌಡ, ಸಿ.ಅಜ್ಜಪ್ಪ, ಟಿ.ಯತಿರಾಜು, ಶಂಕರಪ್ಪ, ಎ.ಗೋವಿಂದರಾಜು, ಬಡಗಲಪುರ ನಾಗೇಂದ್ರ, ರಾಮಕೃಷ್ಣಪ್ಪ ಇತರರು ಉಪಸ್ಥಿತರಿದ್ದರು.

ಜೆಎಂಎಫ್‌ಸಿ ನ್ಯಾಯಾಲಯದಲ್ಲಿ 21 ಕೇಸುಗಳು ದಾಖಲಾಗಿವೆ. ಎಂದರಲ್ಲದೆ ಸರಕಾರದ ನಡೆ ವಿರುದ್ಧ ಹೋರಾಟವನ್ನು ಇದೆ ಅಲ್ಲದೆ ಕರ್ನಾಟಕ ಹೈಕೋರ್ಟ್‌ನಲ್ಲಿ ಪಿಐಎಲ್ ಸಲ್ಲಿಸಲು ಸಿದ್ಧತೆ ನಡೆಸಲಾಗಿದೆ ಎಂದು ನಿರ್ಧರಿಸಲಾಗಿದೆ ಎಂದು ಸ್ಪಷ್ಟಪಡಿಸಿದರು. ಕರ್ನಾಟಕ ಪ್ರಾಂತ ರೈತ ಸಂಘದ ರಾಜ್ಯ ಪ್ರಧಾನ ಕಾರ್ಯದರ್ಶಿ ಸಿ.ಅಜ್ಜಪ್ಪ ಮಾತನಾಡಿ, ನಾಲೆಯು ಪ್ರಾರಂಭದಿಂದ ಇಲ್ಲಿಯವರೆಗೂ ಕುಣಿಗಲ್ ಗೆ ನಿಗದಿತ ಪ್ರಮಾಣದ ನೀರು ಹರಿದಿಲ್ಲ ಎಂದರೆ ಅದಕ್ಕೆ ನಾಲೆಯ ಅವೈಜ್ಞಾನಿಕ ನಿರ್ವಹಣೆ ಕಾರಣವಾಗಿದೆ. ಅಧಿಕಾರಿಗಳ ಸ್ಪಷ್ಟ ನಿರ್ಧಾರ ಇಲ್ಲದೆ ಉಳಿದ ತಾಲೂಕುಗಳ ಪಾಲಿನ ನೀರನ್ನು ಕಸಿಯುವುದು ತರವಲ್ಲ. ಎಲ್ಲರ ಹಕ್ಕನ್ನು ಜಿಲ್ಲಾಡಳಿತ ಗೌರವಿಸಬೇಕು. ಲಿಂಕ್ ಕೆನಾಲ್ ನ್ನು ಕೈಬಿಟ್ಟು 195ನೇ ಕಿ.ಮೀ ವರೆಗೆ ನಾಲೆ ದುರಸ್ತಿಗೊಳಿಸಿ ಎಂದರು. ಪತ್ರಿಕಾಗೋಷ್ಠಿಯಲ್ಲಿ ರೈತ ಮುಖಂಡರಾದ ಎ.ಗೋವಿಂದರಾಜು, ಸಿ.ಅಜ್ಜಪ್ಪ, ಟಿ.ಯತಿರಾಜು, ಬಿ.ಉಮೇಶ್, ಎಂ.ಬಿ.ಕೆಂಪಣ್ಣ, ಎಸ್.ಎನ್.ಸ್ವಾಮಿ, ಕೆಂಚೇಗೌಡ, ಸಿಐಟಿಯು ಸೈಯದ್ ಮುಜೀಬ್ ಮತ್ತಿತರರು ಉಪಸ್ಥಿತರಿದ್ದರು.

PRINTED BY: T.S.KRISHNAMURTHY, ANJANADRI PRINTERS, 4th CROSS, VINAYAKA NAGARA, TUMAKURU-572101. KARNATAKA, PUBLISHED BY: T.S.KRISHNAMURTHY, THOVINAKERE (POST), KORATAGERE TALUK, TUMAKURU DIST.- 572138. KARNATAKA. OWNED BY: T.S.KRISHNAMURTHY, THOVINAKERE (POST), KORATAGERE TALUK, TUMAKURU DIST.- 572138. KARNATAKA. PRNTED AT: ANJANADRI PRINTERS, 4th CROSS, VINAYAKA NAGARA, TUMAKURU-572101. KARNATAKA, PUBLISHED AT: TUMAKURU, THOVINAKERE (POST), KORATAGERE TALUK, TUMAKURU DIST.- 572138. KARNATAKA.
EDITOR: T.S.KRISHNAMURTHY, THOVINAKERE (POST), KORATAGERE TALUK, TUMAKURU DIST.- 572138. KARNATAKA.
